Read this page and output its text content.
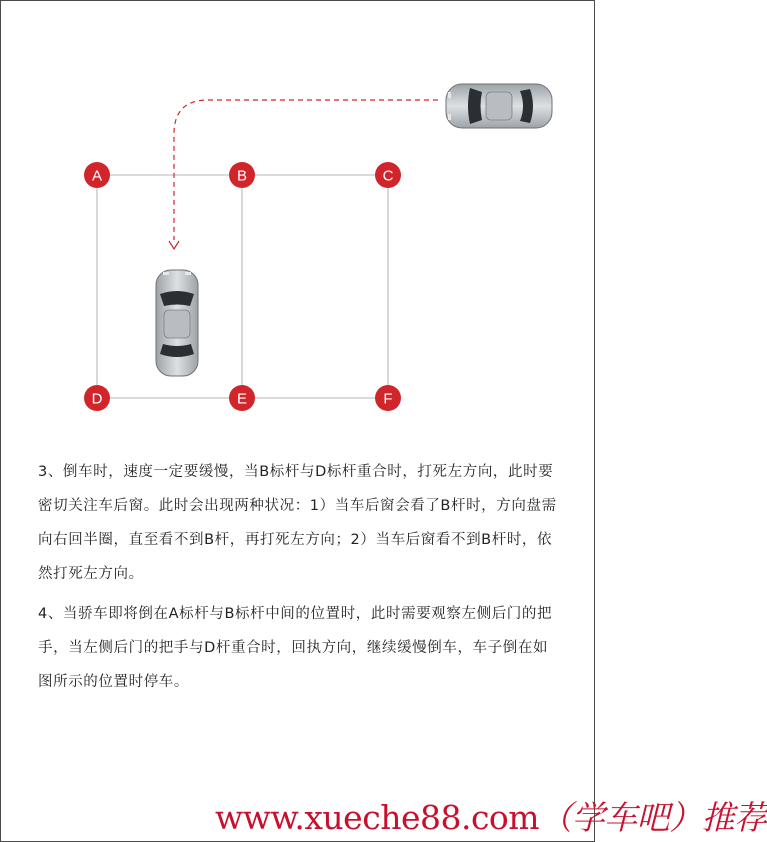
A	B	C
D	E	F

3、倒车时，速度一定要缓慢，当B标杆与D标杆重合时，打死左方向，此时要密切关注车后窗。此时会出现两种状况：1）当车后窗会看了B杆时，方向盘需向右回半圈，直至看不到B杆，再打死左方向；2）当车后窗看不到B杆时，依然打死左方向。

4、当骄车即将倒在A标杆与B标杆中间的位置时，此时需要观察左侧后门的把手，当左侧后门的把手与D杆重合时，回执方向，继续缓慢倒车，车子倒在如图所示的位置时停车。

www.xueche88.com（学车吧）推荐
